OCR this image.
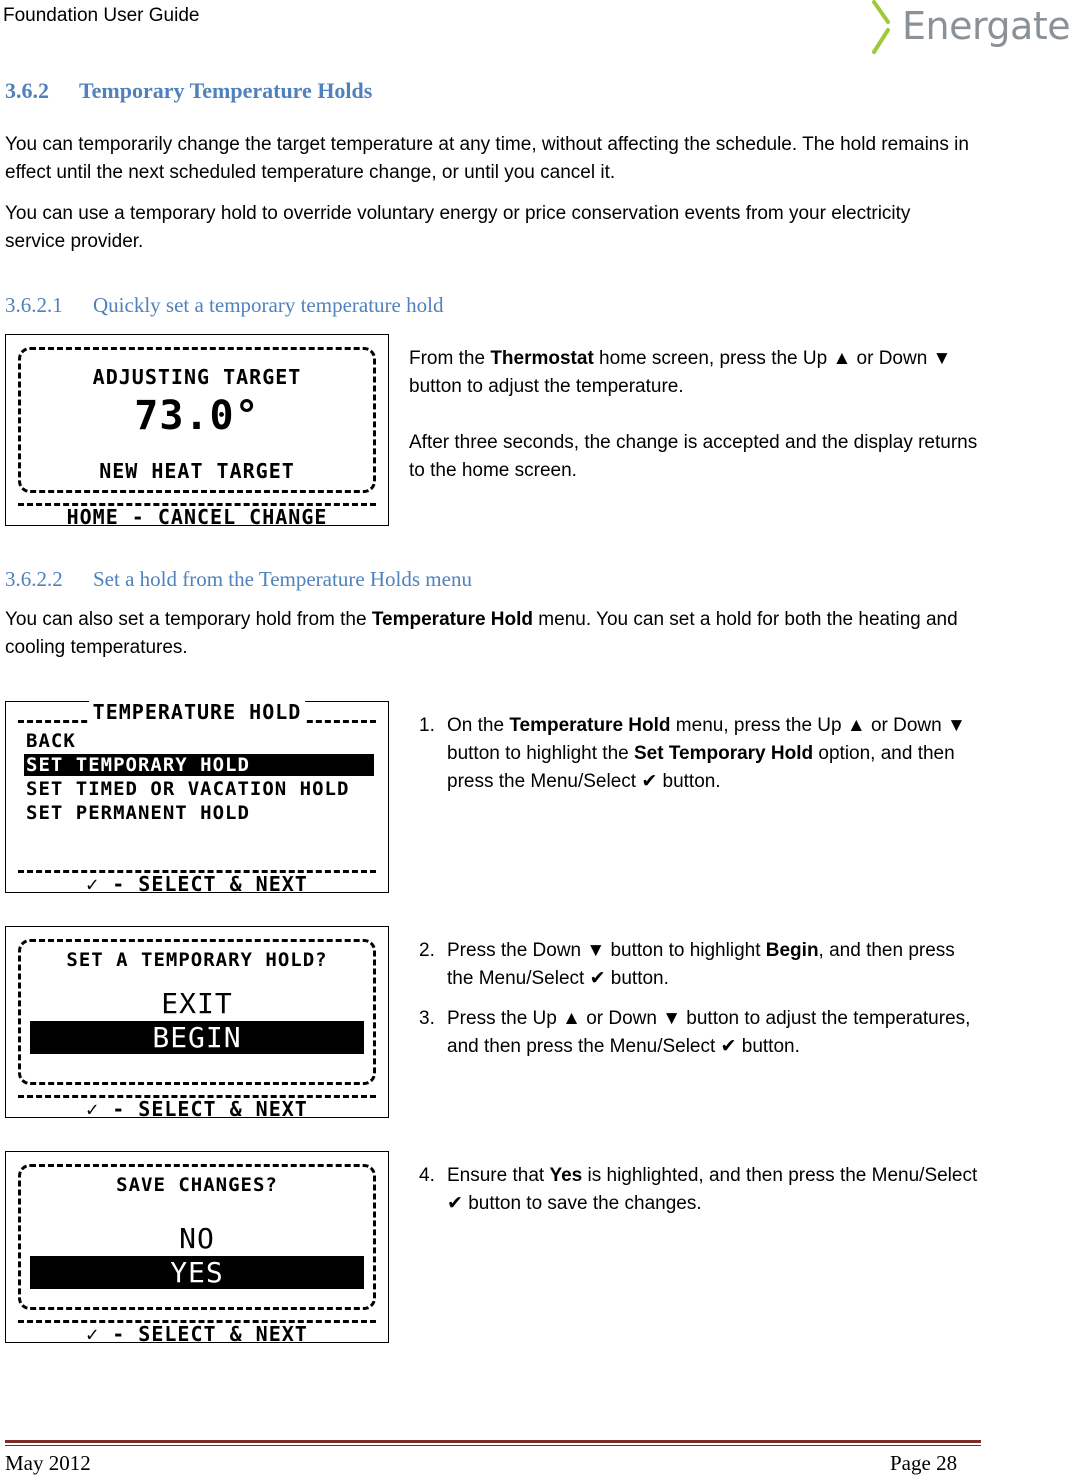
Foundation User Guide	Energate
3.6.2 Temporary Temperature Holds
You can temporarily change the target temperature at any time, without affecting the schedule. The hold remains in effect until the next scheduled temperature change, or until you cancel it.
You can use a temporary hold to override voluntary energy or price conservation events from your electricity service provider.
3.6.2.1 Quickly set a temporary temperature hold
ADJUSTING TARGET
73.0°
NEW HEAT TARGET
HOME - CANCEL CHANGE
From the Thermostat home screen, press the Up ▲ or Down ▼ button to adjust the temperature.
After three seconds, the change is accepted and the display returns to the home screen.
3.6.2.2 Set a hold from the Temperature Holds menu
You can also set a temporary hold from the Temperature Hold menu. You can set a hold for both the heating and cooling temperatures.
TEMPERATURE HOLD
BACK
SET TEMPORARY HOLD
SET TIMED OR VACATION HOLD
SET PERMANENT HOLD
✓ - SELECT & NEXT
1. On the Temperature Hold menu, press the Up ▲ or Down ▼ button to highlight the Set Temporary Hold option, and then press the Menu/Select ✔ button.
SET A TEMPORARY HOLD?
EXIT
BEGIN
✓ - SELECT & NEXT
2. Press the Down ▼ button to highlight Begin, and then press the Menu/Select ✔ button.
3. Press the Up ▲ or Down ▼ button to adjust the temperatures, and then press the Menu/Select ✔ button.
SAVE CHANGES?
NO
YES
✓ - SELECT & NEXT
4. Ensure that Yes is highlighted, and then press the Menu/Select ✔ button to save the changes.
May 2012	Page 28
